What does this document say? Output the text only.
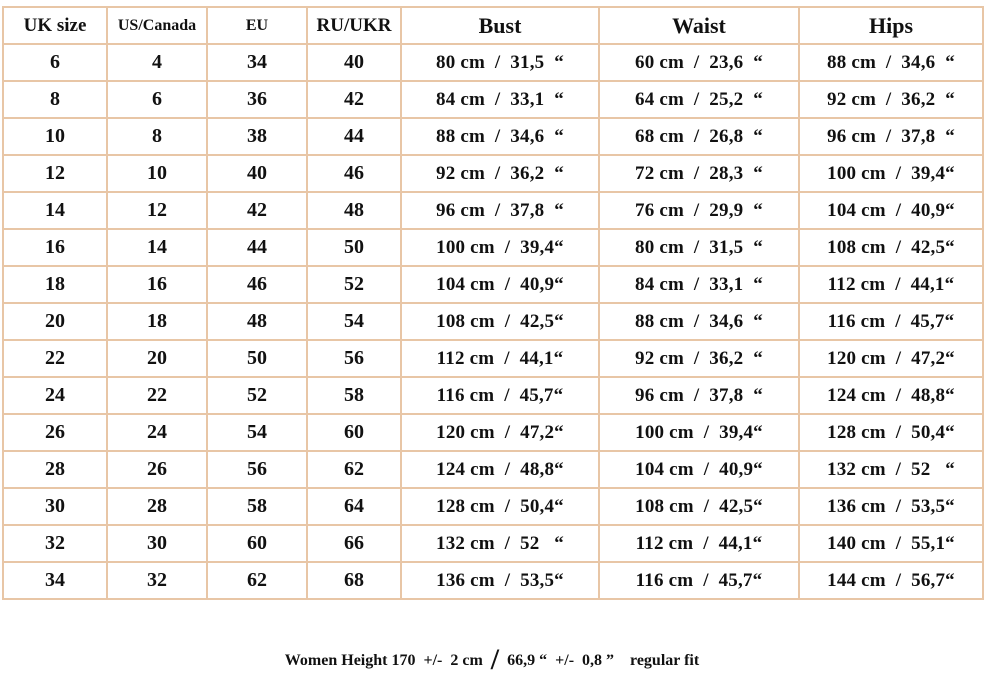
UK size	US/Canada	EU	RU/UKR	Bust	Waist	Hips
6	4	34	40	80 cm  /  31,5  “	60 cm  /  23,6  “	88 cm  /  34,6  “
8	6	36	42	84 cm  /  33,1  “	64 cm  /  25,2  “	92 cm  /  36,2  “
10	8	38	44	88 cm  /  34,6  “	68 cm  /  26,8  “	96 cm  /  37,8  “
12	10	40	46	92 cm  /  36,2  “	72 cm  /  28,3  “	100 cm  /  39,4“
14	12	42	48	96 cm  /  37,8  “	76 cm  /  29,9  “	104 cm  /  40,9“
16	14	44	50	100 cm  /  39,4“	80 cm  /  31,5  “	108 cm  /  42,5“
18	16	46	52	104 cm  /  40,9“	84 cm  /  33,1  “	112 cm  /  44,1“
20	18	48	54	108 cm  /  42,5“	88 cm  /  34,6  “	116 cm  /  45,7“
22	20	50	56	112 cm  /  44,1“	92 cm  /  36,2  “	120 cm  /  47,2“
24	22	52	58	116 cm  /  45,7“	96 cm  /  37,8  “	124 cm  /  48,8“
26	24	54	60	120 cm  /  47,2“	100 cm  /  39,4“	128 cm  /  50,4“
28	26	56	62	124 cm  /  48,8“	104 cm  /  40,9“	132 cm  /  52   “
30	28	58	64	128 cm  /  50,4“	108 cm  /  42,5“	136 cm  /  53,5“
32	30	60	66	132 cm  /  52   “	112 cm  /  44,1“	140 cm  /  55,1“
34	32	62	68	136 cm  /  53,5“	116 cm  /  45,7“	144 cm  /  56,7“
Women Height 170  +/-  2 cm / 66,9 “  +/-  0,8 ”    regular fit
